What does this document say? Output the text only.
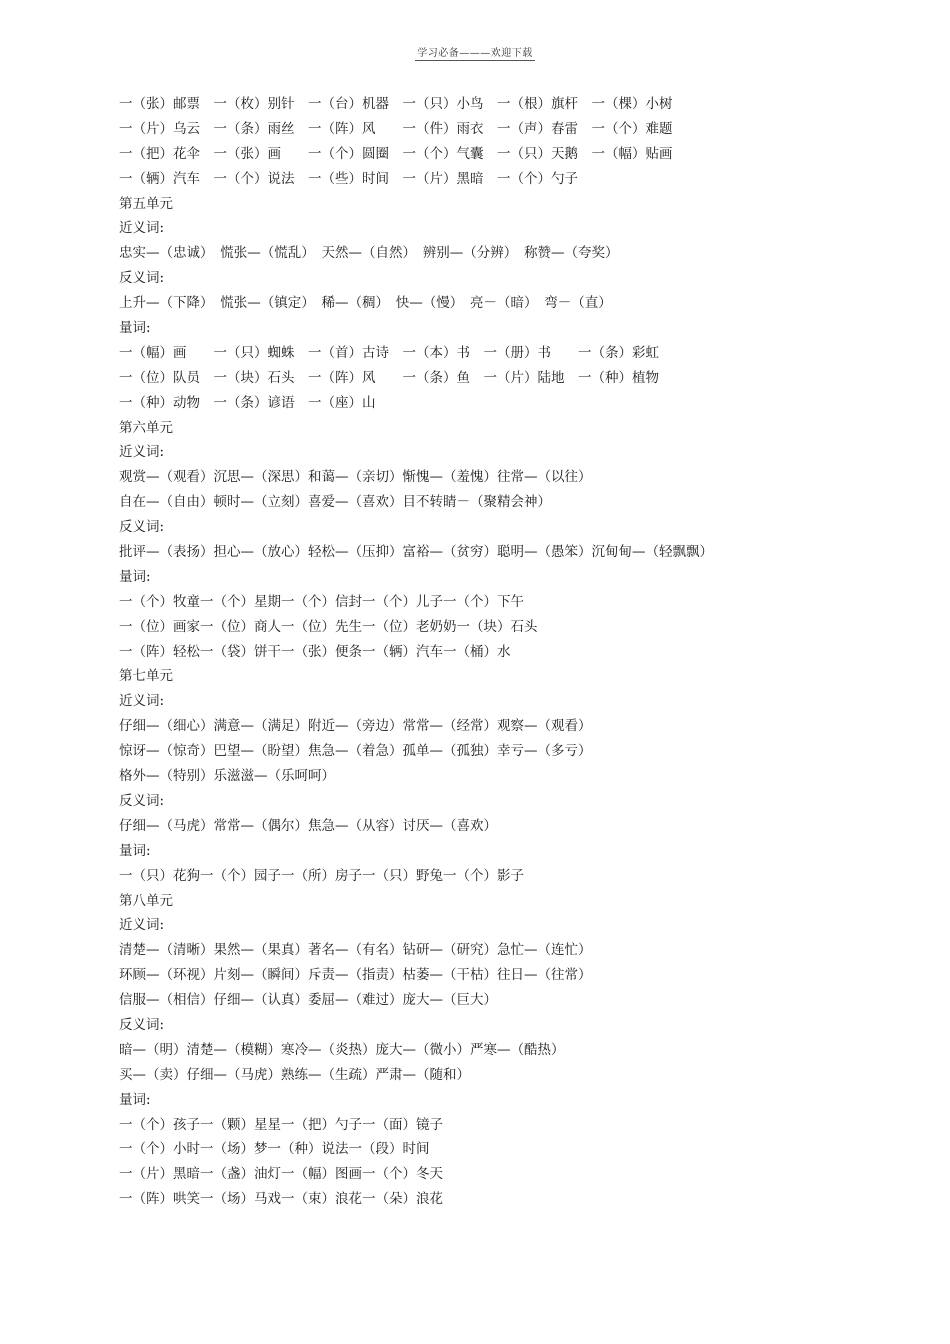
学习必备———欢迎下载
一（张）邮票　一（枚）别针　一（台）机器　一（只）小鸟　一（根）旗杆　一（棵）小树
一（片）乌云　一（条）雨丝　一（阵）风　　一（件）雨衣　一（声）春雷　一（个）难题
一（把）花伞　一（张）画　　一（个）圆圈　一（个）气囊　一（只）天鹅　一（幅）贴画
一（辆）汽车　一（个）说法　一（些）时间　一（片）黑暗　一（个）勺子
第五单元
近义词:
忠实—（忠诚）　慌张—（慌乱）　天然—（自然）　辨别—（分辨）　称赞—（夸奖）
反义词:
上升—（下降）　慌张—（镇定）　稀—（稠）　快—（慢）　亮－（暗）　弯－（直）
量词:
一（幅）画　　一（只）蜘蛛　一（首）古诗　一（本）书　一（册）书　　一（条）彩虹
一（位）队员　一（块）石头　一（阵）风　　一（条）鱼　一（片）陆地　一（种）植物
一（种）动物　一（条）谚语　一（座）山
第六单元
近义词:
观赏—（观看）沉思—（深思）和蔼—（亲切）惭愧—（羞愧）往常—（以往）
自在—（自由）顿时—（立刻）喜爱—（喜欢）目不转睛－（聚精会神）
反义词:
批评—（表扬）担心—（放心）轻松—（压抑）富裕—（贫穷）聪明—（愚笨）沉甸甸—（轻飘飘）
量词:
一（个）牧童一（个）星期一（个）信封一（个）儿子一（个）下午
一（位）画家一（位）商人一（位）先生一（位）老奶奶一（块）石头
一（阵）轻松一（袋）饼干一（张）便条一（辆）汽车一（桶）水
第七单元
近义词:
仔细—（细心）满意—（满足）附近—（旁边）常常—（经常）观察—（观看）
惊讶—（惊奇）巴望—（盼望）焦急—（着急）孤单—（孤独）幸亏—（多亏）
格外—（特别）乐滋滋—（乐呵呵）
反义词:
仔细—（马虎）常常—（偶尔）焦急—（从容）讨厌—（喜欢）
量词:
一（只）花狗一（个）园子一（所）房子一（只）野兔一（个）影子
第八单元
近义词:
清楚—（清晰）果然—（果真）著名—（有名）钻研—（研究）急忙—（连忙）
环顾—（环视）片刻—（瞬间）斥责—（指责）枯萎—（干枯）往日—（往常）
信服—（相信）仔细—（认真）委屈—（难过）庞大—（巨大）
反义词:
暗—（明）清楚—（模糊）寒冷—（炎热）庞大—（微小）严寒—（酷热）
买—（卖）仔细—（马虎）熟练—（生疏）严肃—（随和）
量词:
一（个）孩子一（颗）星星一（把）勺子一（面）镜子
一（个）小时一（场）梦一（种）说法一（段）时间
一（片）黑暗一（盏）油灯一（幅）图画一（个）冬天
一（阵）哄笑一（场）马戏一（束）浪花一（朵）浪花
